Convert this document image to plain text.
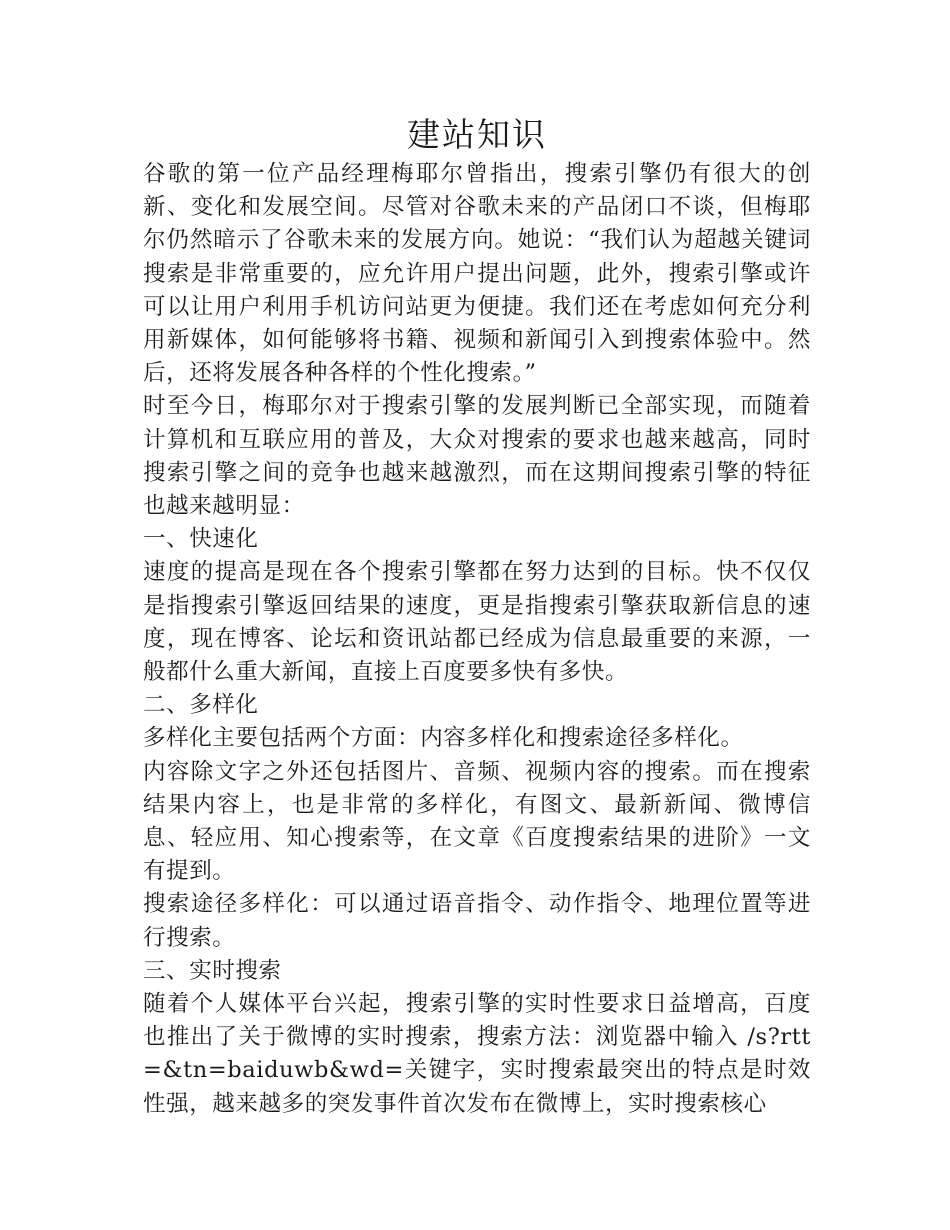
建站知识

谷歌的第一位产品经理梅耶尔曾指出，搜索引擎仍有很大的创新、变化和发展空间。尽管对谷歌未来的产品闭口不谈，但梅耶尔仍然暗示了谷歌未来的发展方向。她说：“我们认为超越关键词搜索是非常重要的，应允许用户提出问题，此外，搜索引擎或许可以让用户利用手机访问站更为便捷。我们还在考虑如何充分利用新媒体，如何能够将书籍、视频和新闻引入到搜索体验中。然后，还将发展各种各样的个性化搜索。”

时至今日，梅耶尔对于搜索引擎的发展判断已全部实现，而随着计算机和互联应用的普及，大众对搜索的要求也越来越高，同时搜索引擎之间的竞争也越来越激烈，而在这期间搜索引擎的特征也越来越明显：

一、快速化

速度的提高是现在各个搜索引擎都在努力达到的目标。快不仅仅是指搜索引擎返回结果的速度，更是指搜索引擎获取新信息的速度，现在博客、论坛和资讯站都已经成为信息最重要的来源，一般都什么重大新闻，直接上百度要多快有多快。

二、多样化

多样化主要包括两个方面：内容多样化和搜索途径多样化。

内容除文字之外还包括图片、音频、视频内容的搜索。而在搜索结果内容上，也是非常的多样化，有图文、最新新闻、微博信息、轻应用、知心搜索等，在文章《百度搜索结果的进阶》一文有提到。

搜索途径多样化：可以通过语音指令、动作指令、地理位置等进行搜索。

三、实时搜索

随着个人媒体平台兴起，搜索引擎的实时性要求日益增高，百度也推出了关于微博的实时搜索，搜索方法：浏览器中输入 /s?rtt=&tn=baiduwb&wd=关键字，实时搜索最突出的特点是时效性强，越来越多的突发事件首次发布在微博上，实时搜索核心
